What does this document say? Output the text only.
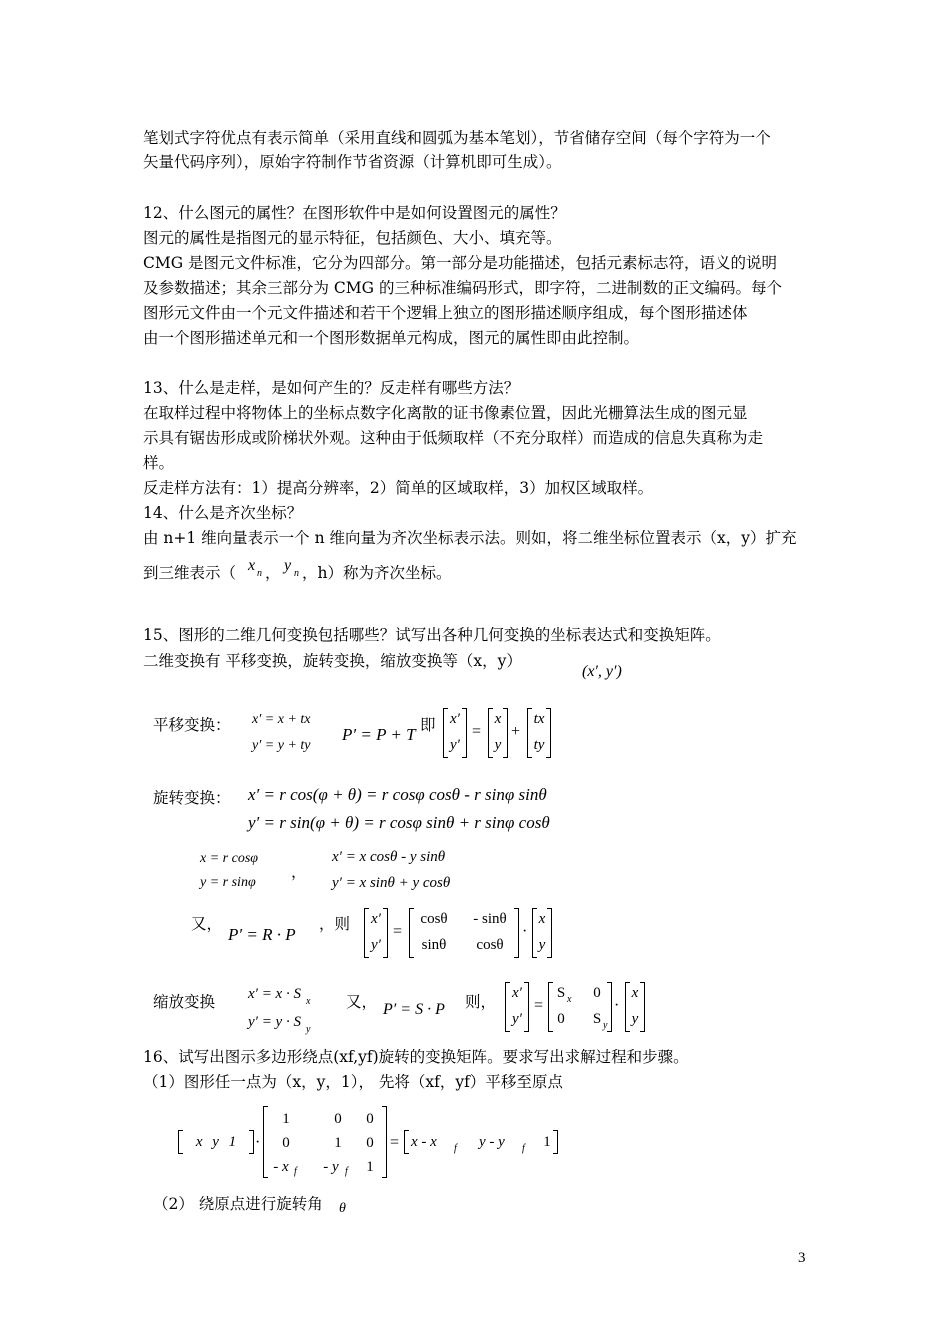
笔划式字符优点有表示简单（采用直线和圆弧为基本笔划），节省储存空间（每个字符为一个
矢量代码序列），原始字符制作节省资源（计算机即可生成）。
12、什么图元的属性？在图形软件中是如何设置图元的属性？
图元的属性是指图元的显示特征，包括颜色、大小、填充等。
CMG 是图元文件标准，它分为四部分。第一部分是功能描述，包括元素标志符，语义的说明
及参数描述；其余三部分为 CMG 的三种标准编码形式，即字符，二进制数的正文编码。每个
图形元文件由一个元文件描述和若干个逻辑上独立的图形描述顺序组成，每个图形描述体
由一个图形描述单元和一个图形数据单元构成，图元的属性即由此控制。
13、什么是走样，是如何产生的？反走样有哪些方法？
在取样过程中将物体上的坐标点数字化离散的证书像素位置，因此光栅算法生成的图元显
示具有锯齿形成或阶梯状外观。这种由于低频取样（不充分取样）而造成的信息失真称为走
样。
反走样方法有：1）提高分辨率，2）简单的区域取样，3）加权区域取样。
14、什么是齐次坐标？
由 n+1 维向量表示一个 n 维向量为齐次坐标表示法。则如，将二维坐标位置表示（x，y）扩充
到三维表示（ x n ， y n ，h）称为齐次坐标。
15、图形的二维几何变换包括哪些？试写出各种几何变换的坐标表达式和变换矩阵。
二维变换有 平移变换，旋转变换，缩放变换等（x，y）
(x′, y′)
平移变换： x′ = x + tx
y′ = y + ty
P′ = P + T 即 x′
y′
=
x
y
+
tx
ty
旋转变换： x′ = r cos(φ + θ) = r cosφ cosθ - r sinφ sinθ
y′ = r sin(φ + θ) = r cosφ sinθ + r sinφ cosθ
x = r cosφ
y = r sinφ
，
x′ = x cosθ - y sinθ
y′ = x sinθ + y cosθ
又，
P′ = R · P
，则 x′
y′
=
cosθ	- sinθ
sinθ	cosθ
·
x
y
缩放变换 x′ = x · S x
y′ = y · S y
又， P′ = S · P 则， x′
y′
=
S x 0
0 S y
·
x
y
16、试写出图示多边形绕点(xf,yf)旋转的变换矩阵。要求写出求解过程和步骤。
（1）图形任一点为（x，y，1）， 先将（xf，yf）平移至原点
x y 1	·
1	0	0
0	1	0
- x f	- y f	1
= x - x	f y - y	f 1
（2） 绕原点进行旋转角 θ
3
